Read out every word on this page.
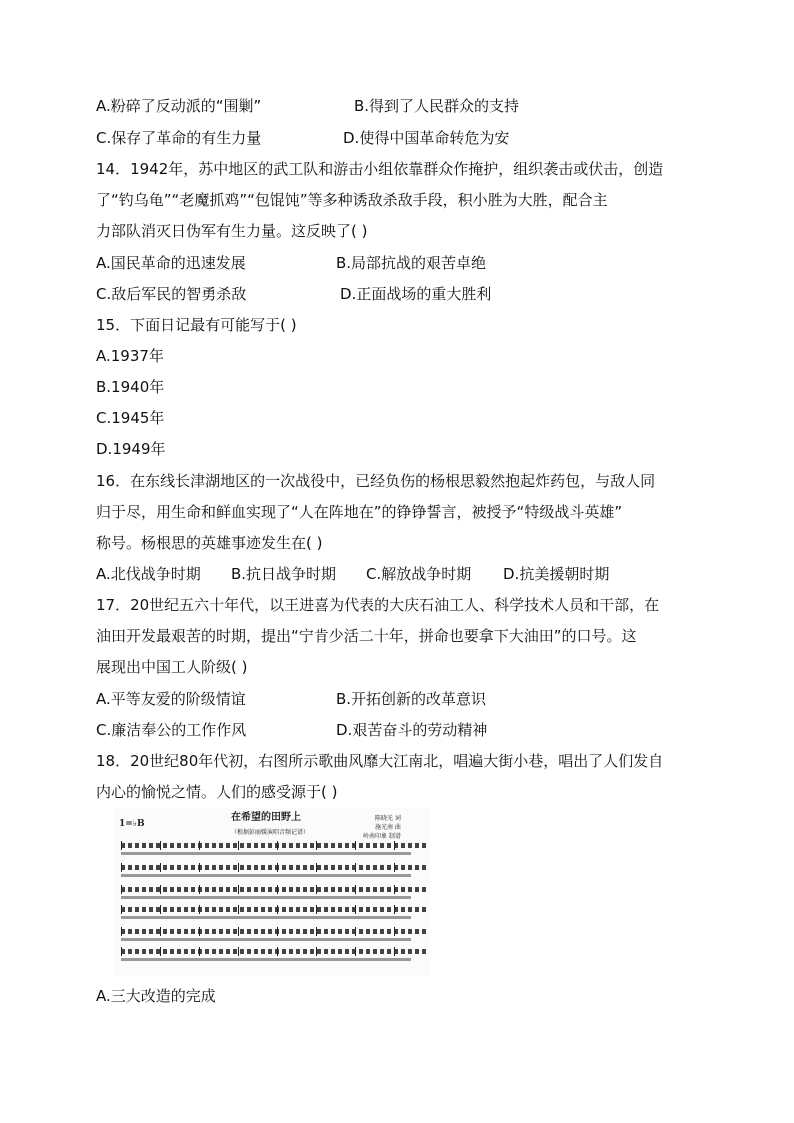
A.粉碎了反动派的“围剿”	B.得到了人民群众的支持
C.保存了革命的有生力量	D.使得中国革命转危为安
14．1942年，苏中地区的武工队和游击小组依靠群众作掩护，组织袭击或伏击，创造
了“钓乌龟”“老魔抓鸡”“包馄饨”等多种诱敌杀敌手段，积小胜为大胜，配合主
力部队消灭日伪军有生力量。这反映了( )
A.国民革命的迅速发展	B.局部抗战的艰苦卓绝
C.敌后军民的智勇杀敌	D.正面战场的重大胜利
15．下面日记最有可能写于( )
A.1937年
B.1940年
C.1945年
D.1949年
16．在东线长津湖地区的一次战役中，已经负伤的杨根思毅然抱起炸药包，与敌人同
归于尽，用生命和鲜血实现了“人在阵地在”的铮铮誓言，被授予“特级战斗英雄”
称号。杨根思的英雄事迹发生在( )
A.北伐战争时期 B.抗日战争时期 C.解放战争时期 D.抗美援朝时期
17．20世纪五六十年代，以王进喜为代表的大庆石油工人、科学技术人员和干部，在
油田开发最艰苦的时期，提出“宁肯少活二十年，拼命也要拿下大油田”的口号。这
展现出中国工人阶级( )
A.平等友爱的阶级情谊	B.开拓创新的改革意识
C.廉洁奉公的工作作风	D.艰苦奋斗的劳动精神
18．20世纪80年代初，右图所示歌曲风靡大江南北，唱遍大街小巷，唱出了人们发自
内心的愉悦之情。人们的感受源于( )
1=♭B
在希望的田野上
（根据彭丽媛演唱音频记谱）
陈晓光 词
施光南 曲
岭南印象 制谱
A.三大改造的完成
